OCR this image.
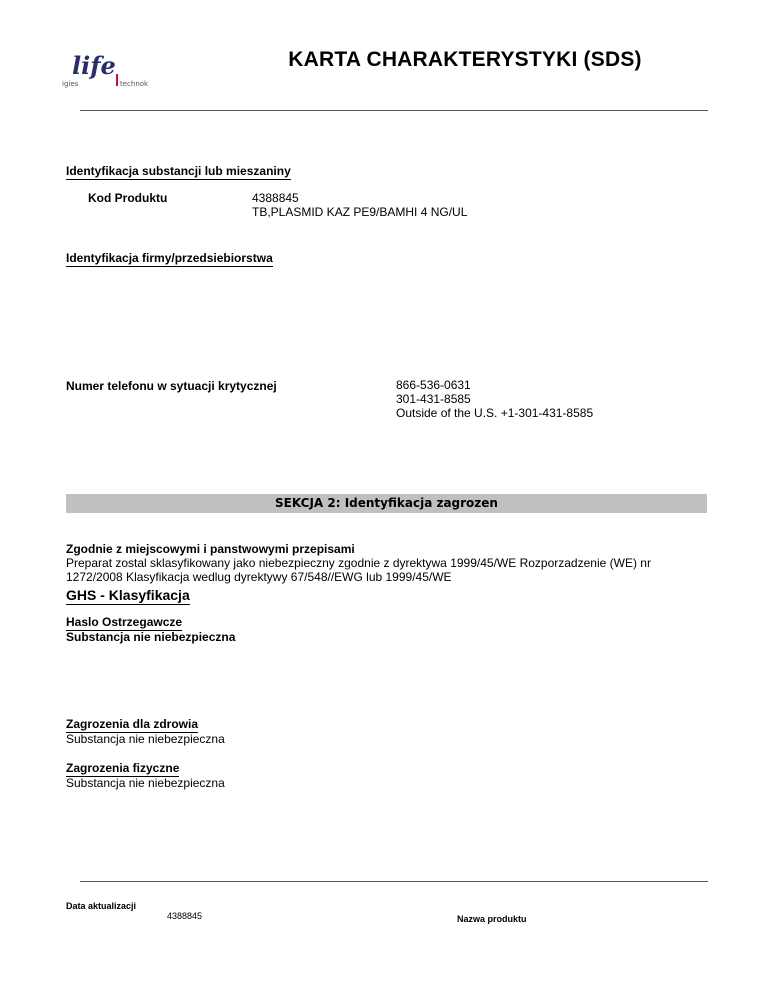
life
igies	technok
KARTA CHARAKTERYSTYKI (SDS)
Identyfikacja substancji lub mieszaniny
Kod Produktu	4388845
TB,PLASMID KAZ PE9/BAMHI 4 NG/UL
Identyfikacja firmy/przedsiebiorstwa
Numer telefonu w sytuacji krytycznej	866-536-0631
301-431-8585
Outside of the U.S. +1-301-431-8585
SEKCJA 2: Identyfikacja zagrozen
Zgodnie z miejscowymi i panstwowymi przepisami
Preparat zostal sklasyfikowany jako niebezpieczny zgodnie z dyrektywa 1999/45/WE Rozporzadzenie (WE) nr
1272/2008 Klasyfikacja wedlug dyrektywy 67/548//EWG lub 1999/45/WE
GHS - Klasyfikacja
Haslo Ostrzegawcze
Substancja nie niebezpieczna
Zagrozenia dla zdrowia
Substancja nie niebezpieczna
Zagrozenia fizyczne
Substancja nie niebezpieczna
Data aktualizacji
4388845	Nazwa produktu
